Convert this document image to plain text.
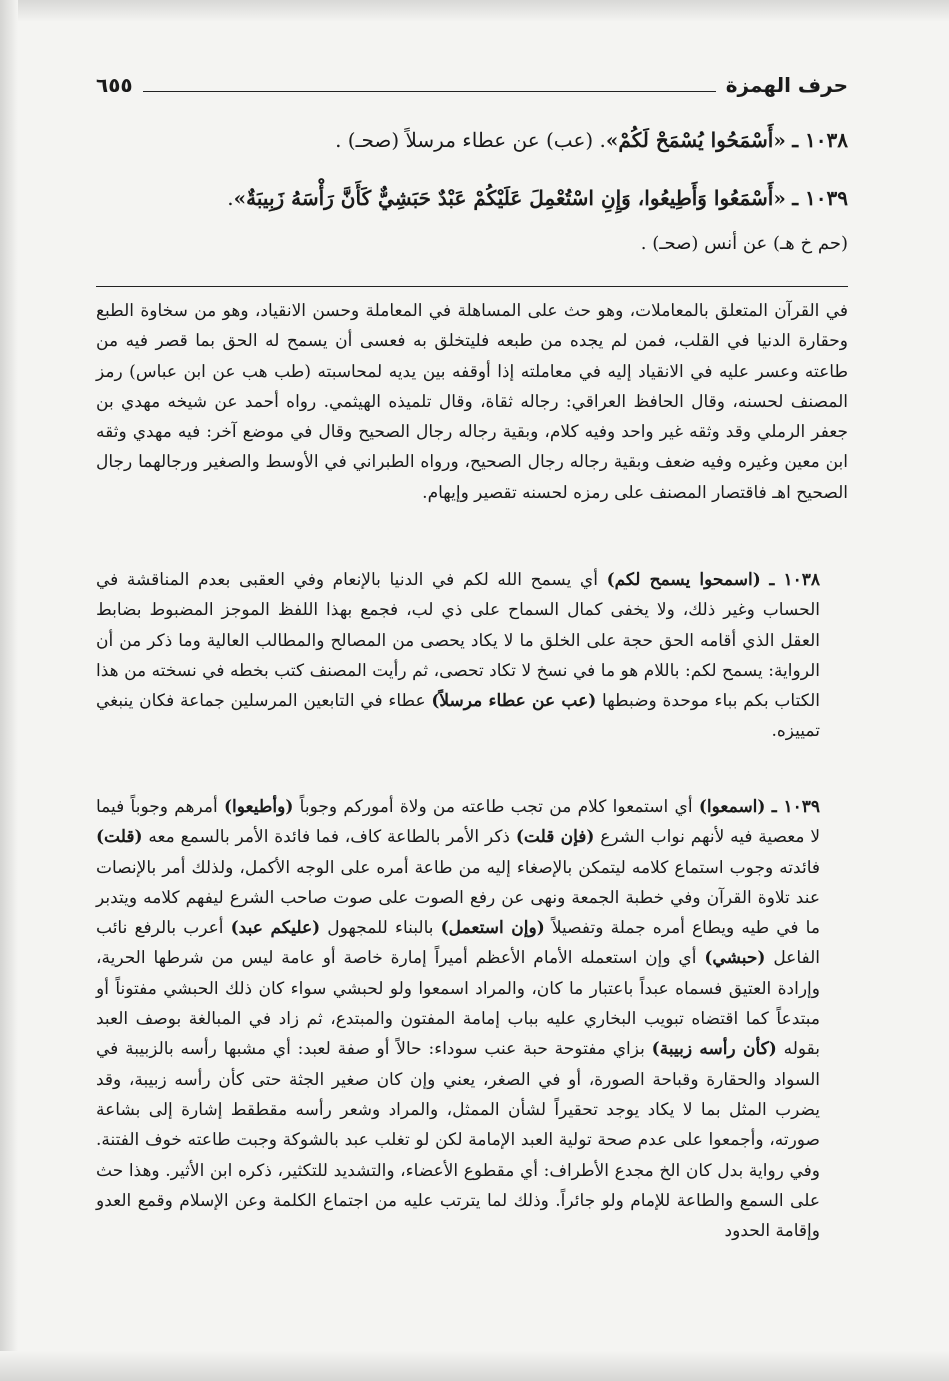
حرف الهمزة
٦٥٥
١٠٣٨ ـ «أَسْمَحُوا يُسْمَحْ لَكُمْ». (عب) عن عطاء مرسلاً (صحـ) .
١٠٣٩ ـ «أَسْمَعُوا وَأَطِيعُوا، وَإِنِ اسْتُعْمِلَ عَلَيْكُمْ عَبْدٌ حَبَشِيٌّ كَأَنَّ رَأْسَهُ زَبِيبَةٌ».
(حم خ هـ) عن أنس (صحـ) .

في القرآن المتعلق بالمعاملات، وهو حث على المساهلة في المعاملة وحسن الانقياد، وهو من سخاوة الطبع وحقارة الدنيا في القلب، فمن لم يجده من طبعه فليتخلق به فعسى أن يسمح له الحق بما قصر فيه من طاعته وعسر عليه في الانقياد إليه في معاملته إذا أوقفه بين يديه لمحاسبته (طب هب عن ابن عباس) رمز المصنف لحسنه، وقال الحافظ العراقي: رجاله ثقاة، وقال تلميذه الهيثمي. رواه أحمد عن شيخه مهدي بن جعفر الرملي وقد وثقه غير واحد وفيه كلام، وبقية رجاله رجال الصحيح وقال في موضع آخر: فيه مهدي وثقه ابن معين وغيره وفيه ضعف وبقية رجاله رجال الصحيح، ورواه الطبراني في الأوسط والصغير ورجالهما رجال الصحيح اهـ فاقتصار المصنف على رمزه لحسنه تقصير وإيهام.

١٠٣٨ ـ (اسمحوا يسمح لكم) أي يسمح الله لكم في الدنيا بالإنعام وفي العقبى بعدم المناقشة في الحساب وغير ذلك، ولا يخفى كمال السماح على ذي لب، فجمع بهذا اللفظ الموجز المضبوط بضابط العقل الذي أقامه الحق حجة على الخلق ما لا يكاد يحصى من المصالح والمطالب العالية وما ذكر من أن الرواية: يسمح لكم: باللام هو ما في نسخ لا تكاد تحصى، ثم رأيت المصنف كتب بخطه في نسخته من هذا الكتاب بكم بباء موحدة وضبطها (عب عن عطاء مرسلاً) عطاء في التابعين المرسلين جماعة فكان ينبغي تمييزه.

١٠٣٩ ـ (اسمعوا) أي استمعوا كلام من تجب طاعته من ولاة أموركم وجوباً (وأطيعوا) أمرهم وجوباً فيما لا معصية فيه لأنهم نواب الشرع (فإن قلت) ذكر الأمر بالطاعة كاف، فما فائدة الأمر بالسمع معه (قلت) فائدته وجوب استماع كلامه ليتمكن بالإصغاء إليه من طاعة أمره على الوجه الأكمل، ولذلك أمر بالإنصات عند تلاوة القرآن وفي خطبة الجمعة ونهى عن رفع الصوت على صوت صاحب الشرع ليفهم كلامه ويتدبر ما في طيه ويطاع أمره جملة وتفصيلاً (وإن استعمل) بالبناء للمجهول (عليكم عبد) أعرب بالرفع نائب الفاعل (حبشي) أي وإن استعمله الأمام الأعظم أميراً إمارة خاصة أو عامة ليس من شرطها الحرية، وإرادة العتيق فسماه عبداً باعتبار ما كان، والمراد اسمعوا ولو لحبشي سواء كان ذلك الحبشي مفتوناً أو مبتدعاً كما اقتضاه تبويب البخاري عليه بباب إمامة المفتون والمبتدع، ثم زاد في المبالغة بوصف العبد بقوله (كأن رأسه زبيبة) بزاي مفتوحة حبة عنب سوداء: حالاً أو صفة لعبد: أي مشبها رأسه بالزبيبة في السواد والحقارة وقباحة الصورة، أو في الصغر، يعني وإن كان صغير الجثة حتى كأن رأسه زبيبة، وقد يضرب المثل بما لا يكاد يوجد تحقيراً لشأن الممثل، والمراد وشعر رأسه مقطقط إشارة إلى بشاعة صورته، وأجمعوا على عدم صحة تولية العبد الإمامة لكن لو تغلب عبد بالشوكة وجبت طاعته خوف الفتنة. وفي رواية بدل كان الخ مجدع الأطراف: أي مقطوع الأعضاء، والتشديد للتكثير، ذكره ابن الأثير. وهذا حث على السمع والطاعة للإمام ولو جائراً. وذلك لما يترتب عليه من اجتماع الكلمة وعن الإسلام وقمع العدو وإقامة الحدود
